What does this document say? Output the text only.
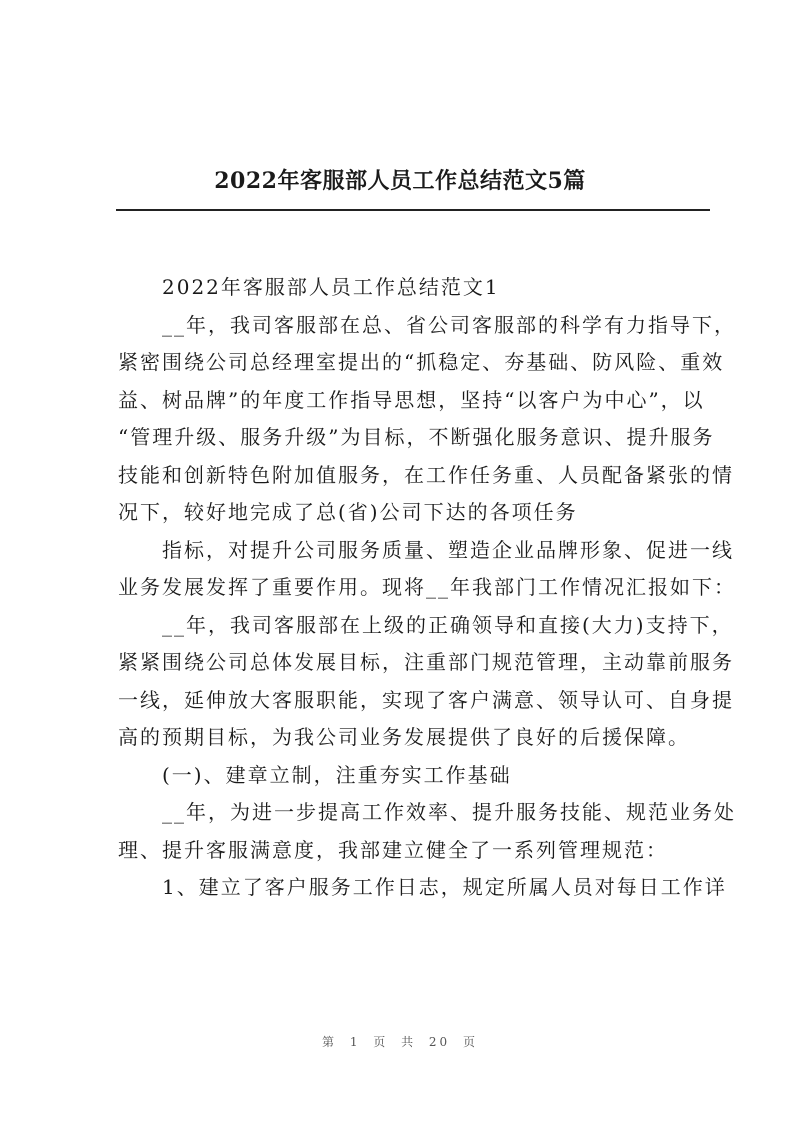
2022年客服部人员工作总结范文5篇

　　2022年客服部人员工作总结范文1

　　__年，我司客服部在总、省公司客服部的科学有力指导下，

紧密围绕公司总经理室提出的“抓稳定、夯基础、防风险、重效

益、树品牌”的年度工作指导思想，坚持“以客户为中心”，以

“管理升级、服务升级”为目标，不断强化服务意识、提升服务

技能和创新特色附加值服务，在工作任务重、人员配备紧张的情

况下，较好地完成了总(省)公司下达的各项任务

　　指标，对提升公司服务质量、塑造企业品牌形象、促进一线

业务发展发挥了重要作用。现将__年我部门工作情况汇报如下：

　　__年，我司客服部在上级的正确领导和直接(大力)支持下，

紧紧围绕公司总体发展目标，注重部门规范管理，主动靠前服务

一线，延伸放大客服职能，实现了客户满意、领导认可、自身提

高的预期目标，为我公司业务发展提供了良好的后援保障。

　　(一)、建章立制，注重夯实工作基础

　　__年，为进一步提高工作效率、提升服务技能、规范业务处

理、提升客服满意度，我部建立健全了一系列管理规范：

　　1、建立了客户服务工作日志，规定所属人员对每日工作详

第 1 页 共 20 页
